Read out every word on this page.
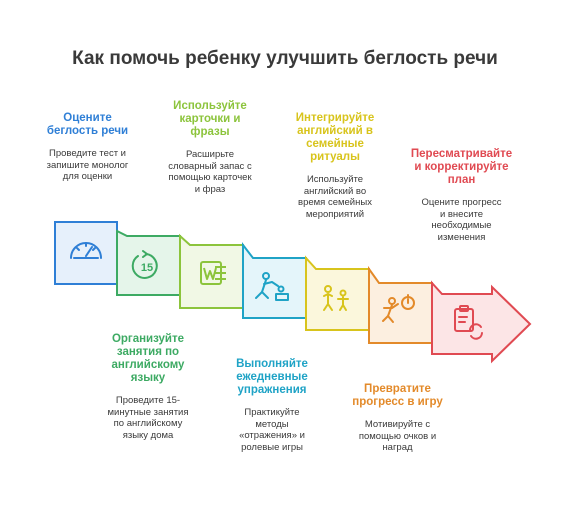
Как помочь ребенку улучшить беглость речи
15
Оцените
беглость речи
Проведите тест и
запишите монолог
для оценки
Используйте
карточки и
фразы
Расширьте
словарный запас с
помощью карточек
и фраз
Интегрируйте
английский в
семейные
ритуалы
Используйте
английский во
время семейных
мероприятий
Пересматривайте
и корректируйте
план
Оцените прогресс
и внесите
необходимые
изменения
Организуйте
занятия по
английскому
языку
Проведите 15-
минутные занятия
по английскому
языку дома
Выполняйте
ежедневные
упражнения
Практикуйте
методы
«отражения» и
ролевые игры
Превратите
прогресс в игру
Мотивируйте с
помощью очков и
наград
